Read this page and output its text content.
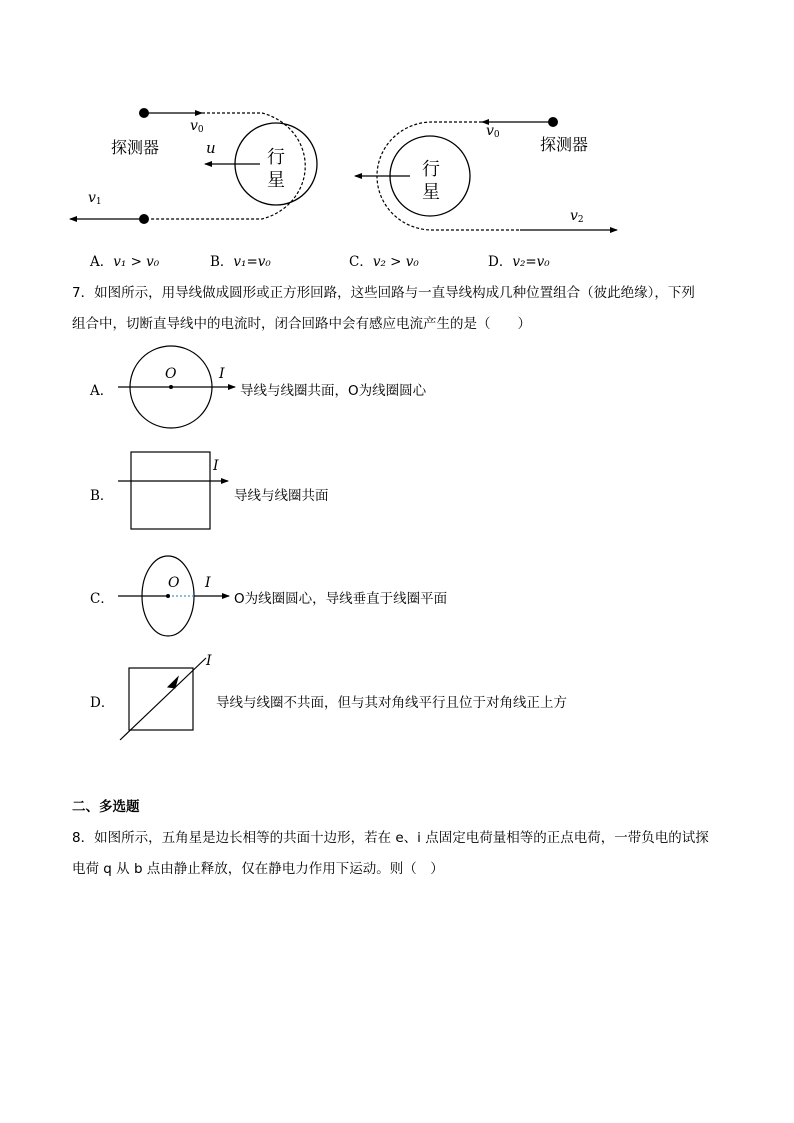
探测器
$v_0$
u	行
星
$v_1$
$v_0$	探测器
行
星
$v_2$
A．v₁ > v₀	B．v₁=v₀	C．v₂ > v₀	D．v₂=v₀
7．如图所示，用导线做成圆形或正方形回路，这些回路与一直导线构成几种位置组合（彼此绝缘），下列
组合中，切断直导线中的电流时，闭合回路中会有感应电流产生的是（　　）
A．
O	I
导线与线圈共面，O为线圈圆心
B．
I
导线与线圈共面
C．
O I
O为线圈圆心，导线垂直于线圈平面
D．
I
导线与线圈不共面，但与其对角线平行且位于对角线正上方
二、多选题
8．如图所示，五角星是边长相等的共面十边形，若在 e、i 点固定电荷量相等的正点电荷，一带负电的试探
电荷 q 从 b 点由静止释放，仅在静电力作用下运动。则（　）
